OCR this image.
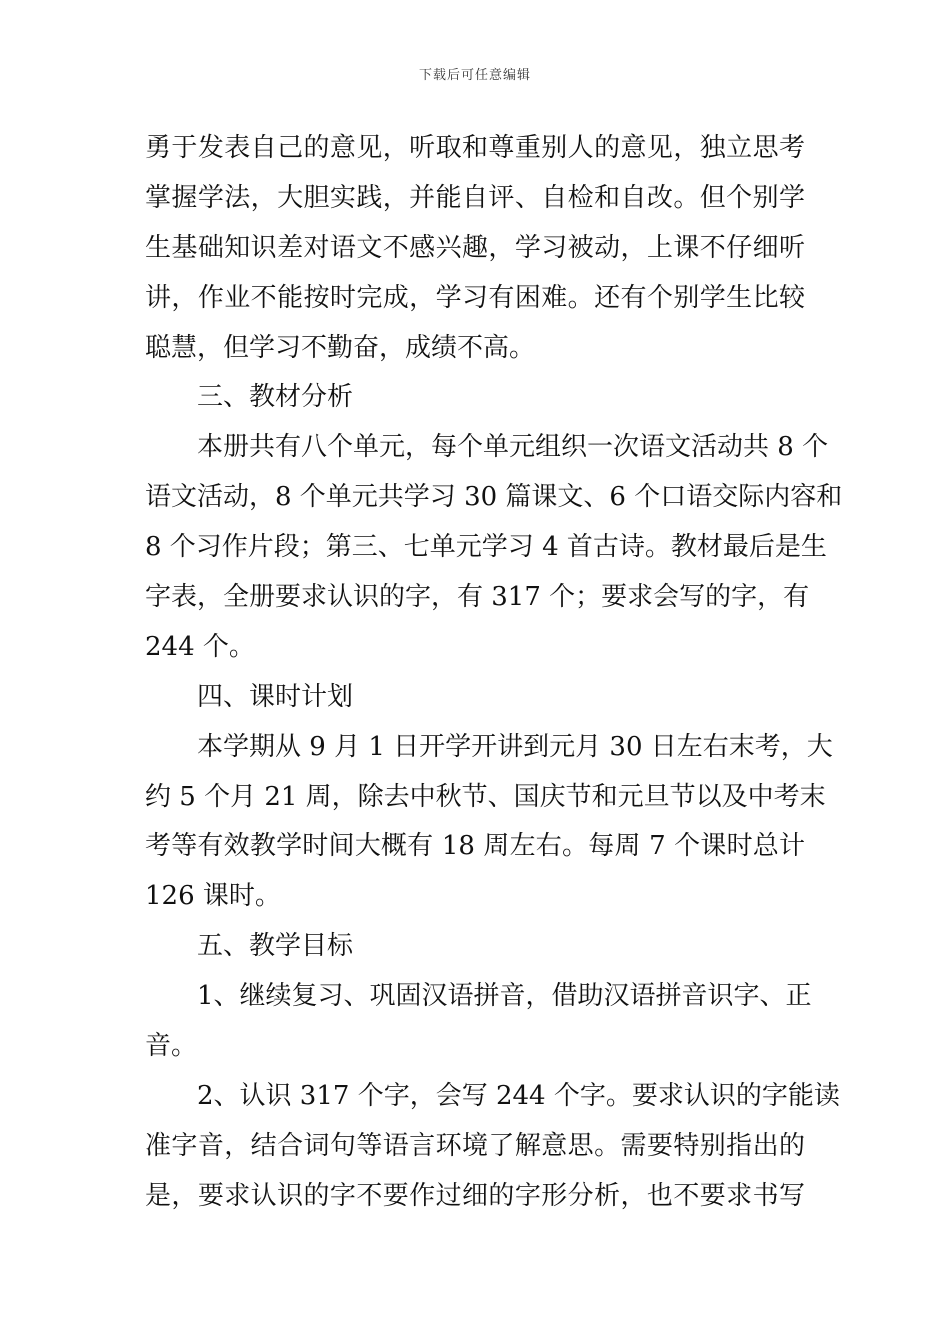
下载后可任意编辑
勇于发表自己的意见，听取和尊重别人的意见，独立思考
掌握学法，大胆实践，并能自评、自检和自改。但个别学
生基础知识差对语文不感兴趣，学习被动，上课不仔细听
讲，作业不能按时完成，学习有困难。还有个别学生比较
聪慧，但学习不勤奋，成绩不高。
三、教材分析
本册共有八个单元，每个单元组织一次语文活动共 8 个
语文活动，8 个单元共学习 30 篇课文、6 个口语交际内容和
8 个习作片段；第三、七单元学习 4 首古诗。教材最后是生
字表，全册要求认识的字，有 317 个；要求会写的字，有
244 个。
四、课时计划
本学期从 9 月 1 日开学开讲到元月 30 日左右末考，大
约 5 个月 21 周，除去中秋节、国庆节和元旦节以及中考末
考等有效教学时间大概有 18 周左右。每周 7 个课时总计
126 课时。
五、教学目标
1、继续复习、巩固汉语拼音，借助汉语拼音识字、正
音。
2、认识 317 个字，会写 244 个字。要求认识的字能读
准字音，结合词句等语言环境了解意思。需要特别指出的
是，要求认识的字不要作过细的字形分析，也不要求书写
